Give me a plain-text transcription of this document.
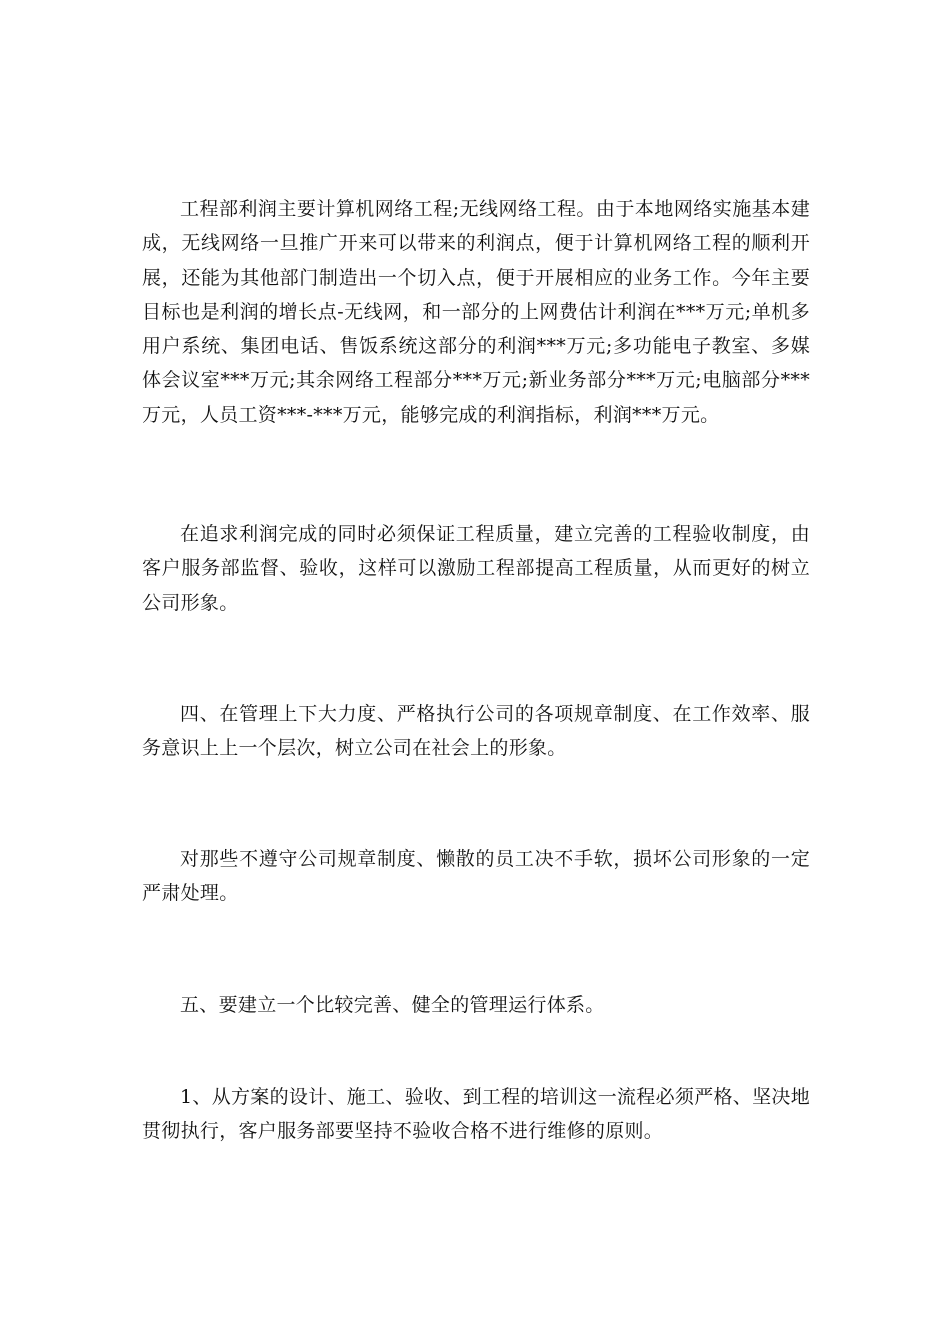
工程部利润主要计算机网络工程;无线网络工程。由于本地网络实施基本建成，无线网络一旦推广开来可以带来的利润点，便于计算机网络工程的顺利开展，还能为其他部门制造出一个切入点，便于开展相应的业务工作。今年主要目标也是利润的增长点-无线网，和一部分的上网费估计利润在***万元;单机多用户系统、集团电话、售饭系统这部分的利润***万元;多功能电子教室、多媒体会议室***万元;其余网络工程部分***万元;新业务部分***万元;电脑部分***万元，人员工资***-***万元，能够完成的利润指标，利润***万元。

在追求利润完成的同时必须保证工程质量，建立完善的工程验收制度，由客户服务部监督、验收，这样可以激励工程部提高工程质量，从而更好的树立公司形象。

四、在管理上下大力度、严格执行公司的各项规章制度、在工作效率、服务意识上上一个层次，树立公司在社会上的形象。

对那些不遵守公司规章制度、懒散的员工决不手软，损坏公司形象的一定严肃处理。

五、要建立一个比较完善、健全的管理运行体系。

1、从方案的设计、施工、验收、到工程的培训这一流程必须严格、坚决地贯彻执行，客户服务部要坚持不验收合格不进行维修的原则。
